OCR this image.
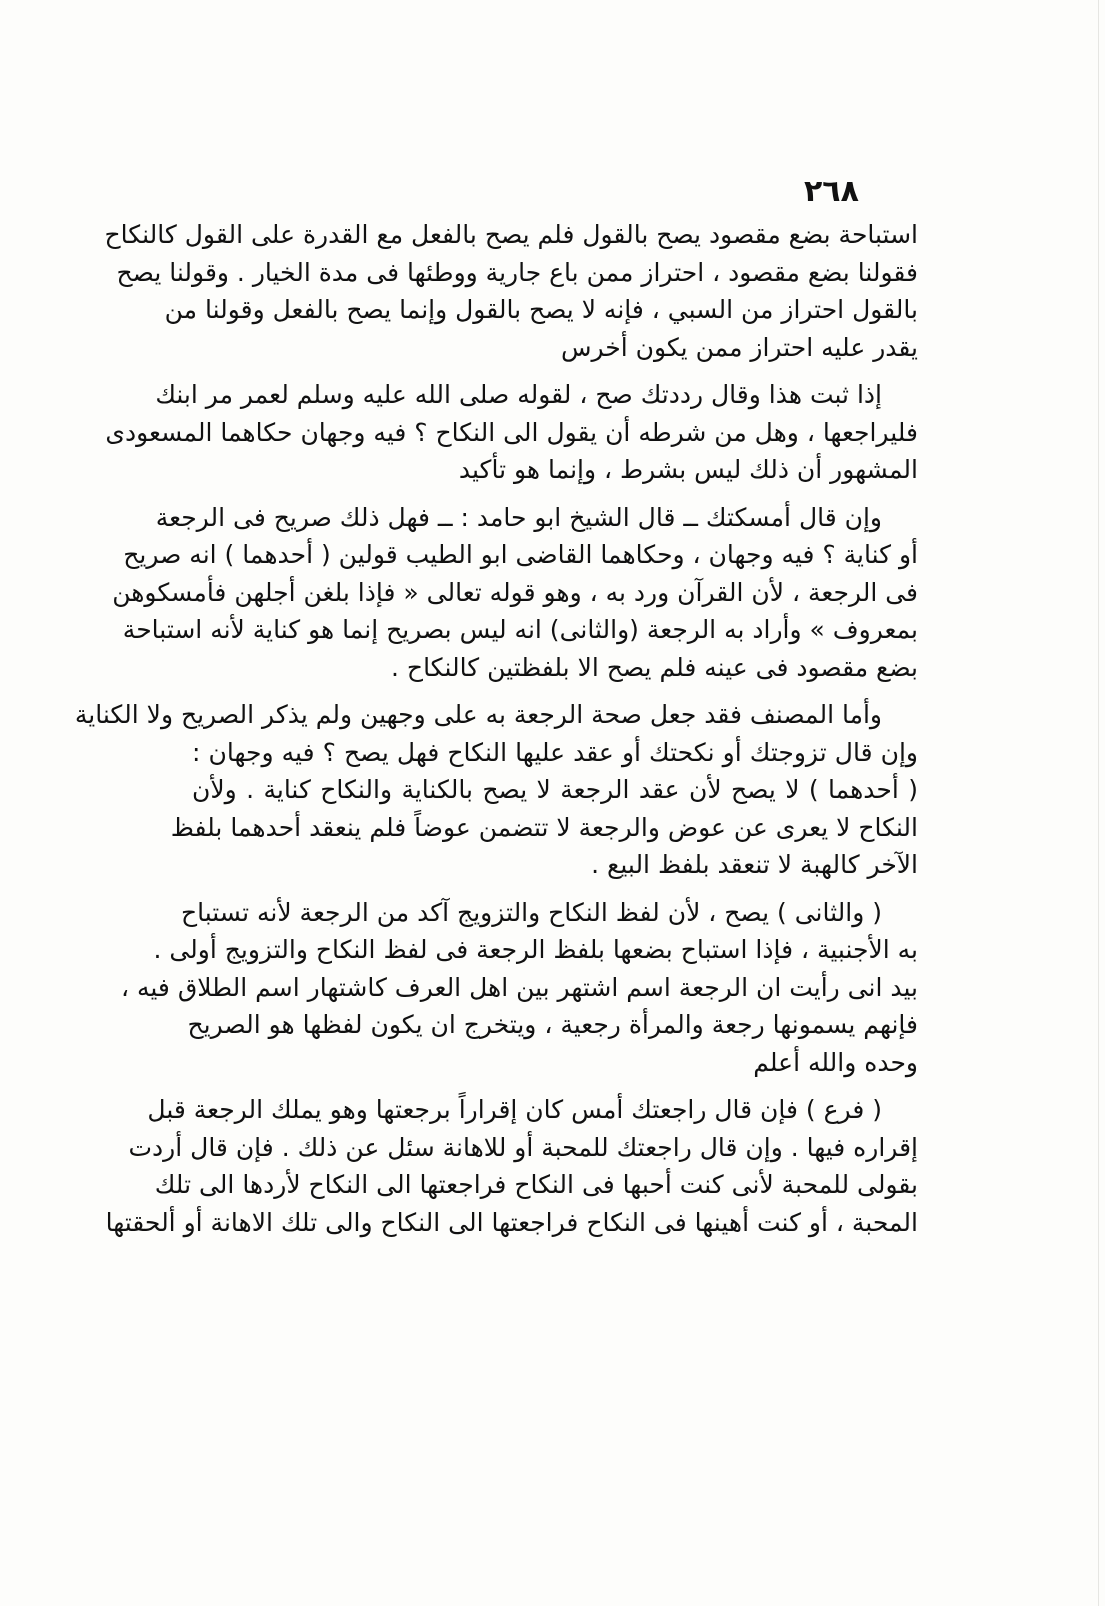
٢٦٨

استباحة بضع مقصود يصح بالقول فلم يصح بالفعل مع القدرة على القول كالنكاح
فقولنا بضع مقصود ، احتراز ممن باع جارية ووطئها فى مدة الخيار . وقولنا يصح
بالقول احتراز من السبي ، فإنه لا يصح بالقول وإنما يصح بالفعل وقولنا من
يقدر عليه احتراز ممن يكون أخرس

إذا ثبت هذا وقال رددتك صح ، لقوله صلى الله عليه وسلم لعمر مر ابنك
فليراجعها ، وهل من شرطه أن يقول الى النكاح ؟ فيه وجهان حكاهما المسعودى
المشهور أن ذلك ليس بشرط ، وإنما هو تأكيد

وإن قال أمسكتك ــ قال الشيخ ابو حامد : ــ فهل ذلك صريح فى الرجعة
أو كناية ؟ فيه وجهان ، وحكاهما القاضى ابو الطيب قولين ( أحدهما ) انه صريح
فى الرجعة ، لأن القرآن ورد به ، وهو قوله تعالى « فإذا بلغن أجلهن فأمسكوهن
بمعروف » وأراد به الرجعة (والثانى) انه ليس بصريح إنما هو كناية لأنه استباحة
بضع مقصود فى عينه فلم يصح الا بلفظتين كالنكاح .

وأما المصنف فقد جعل صحة الرجعة به على وجهين ولم يذكر الصريح ولا الكناية
وإن قال تزوجتك أو نكحتك أو عقد عليها النكاح فهل يصح ؟ فيه وجهان :
( أحدهما ) لا يصح لأن عقد الرجعة لا يصح بالكناية والنكاح كناية . ولأن
النكاح لا يعرى عن عوض والرجعة لا تتضمن عوضاً فلم ينعقد أحدهما بلفظ
الآخر كالهبة لا تنعقد بلفظ البيع .

( والثانى ) يصح ، لأن لفظ النكاح والتزويج آكد من الرجعة لأنه تستباح
به الأجنبية ، فإذا استباح بضعها بلفظ الرجعة فى لفظ النكاح والتزويج أولى .
بيد انى رأيت ان الرجعة اسم اشتهر بين اهل العرف كاشتهار اسم الطلاق فيه ،
فإنهم يسمونها رجعة والمرأة رجعية ، ويتخرج ان يكون لفظها هو الصريح
وحده والله أعلم

( فرع ) فإن قال راجعتك أمس كان إقراراً برجعتها وهو يملك الرجعة قبل
إقراره فيها . وإن قال راجعتك للمحبة أو للاهانة سئل عن ذلك . فإن قال أردت
بقولى للمحبة لأنى كنت أحبها فى النكاح فراجعتها الى النكاح لأردها الى تلك
المحبة ، أو كنت أهينها فى النكاح فراجعتها الى النكاح والى تلك الاهانة أو ألحقتها
